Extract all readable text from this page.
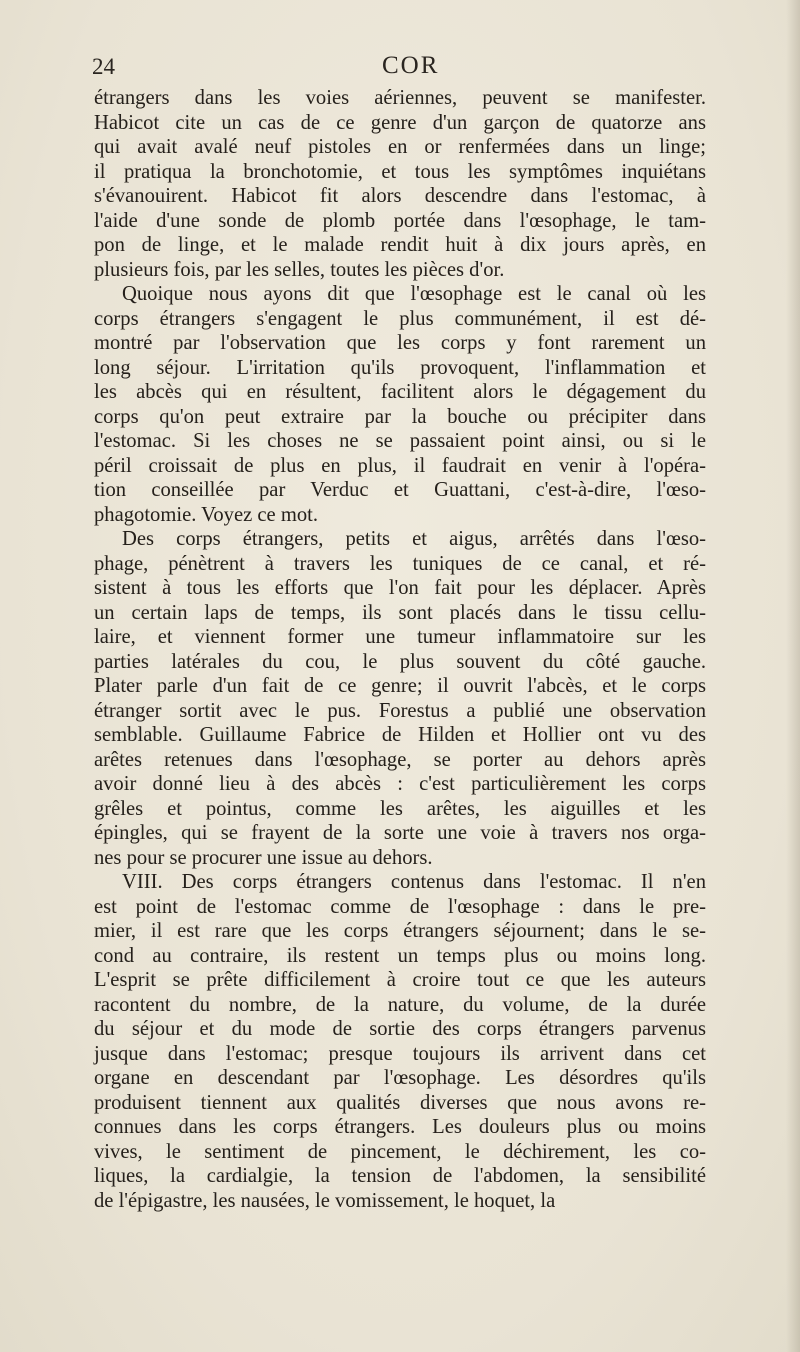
24	COR
étrangers dans les voies aériennes, peuvent se manifester.
Habicot cite un cas de ce genre d'un garçon de quatorze ans
qui avait avalé neuf pistoles en or renfermées dans un linge;
il pratiqua la bronchotomie, et tous les symptômes inquiétans
s'évanouirent. Habicot fit alors descendre dans l'estomac, à
l'aide d'une sonde de plomb portée dans l'œsophage, le tam-
pon de linge, et le malade rendit huit à dix jours après, en
plusieurs fois, par les selles, toutes les pièces d'or.
Quoique nous ayons dit que l'œsophage est le canal où les
corps étrangers s'engagent le plus communément, il est dé-
montré par l'observation que les corps y font rarement un
long séjour. L'irritation qu'ils provoquent, l'inflammation et
les abcès qui en résultent, facilitent alors le dégagement du
corps qu'on peut extraire par la bouche ou précipiter dans
l'estomac. Si les choses ne se passaient point ainsi, ou si le
péril croissait de plus en plus, il faudrait en venir à l'opéra-
tion conseillée par Verduc et Guattani, c'est-à-dire, l'œso-
phagotomie. Voyez ce mot.
Des corps étrangers, petits et aigus, arrêtés dans l'œso-
phage, pénètrent à travers les tuniques de ce canal, et ré-
sistent à tous les efforts que l'on fait pour les déplacer. Après
un certain laps de temps, ils sont placés dans le tissu cellu-
laire, et viennent former une tumeur inflammatoire sur les
parties latérales du cou, le plus souvent du côté gauche.
Plater parle d'un fait de ce genre; il ouvrit l'abcès, et le corps
étranger sortit avec le pus. Forestus a publié une observation
semblable. Guillaume Fabrice de Hilden et Hollier ont vu des
arêtes retenues dans l'œsophage, se porter au dehors après
avoir donné lieu à des abcès : c'est particulièrement les corps
grêles et pointus, comme les arêtes, les aiguilles et les
épingles, qui se frayent de la sorte une voie à travers nos orga-
nes pour se procurer une issue au dehors.
VIII. Des corps étrangers contenus dans l'estomac. Il n'en
est point de l'estomac comme de l'œsophage : dans le pre-
mier, il est rare que les corps étrangers séjournent; dans le se-
cond au contraire, ils restent un temps plus ou moins long.
L'esprit se prête difficilement à croire tout ce que les auteurs
racontent du nombre, de la nature, du volume, de la durée
du séjour et du mode de sortie des corps étrangers parvenus
jusque dans l'estomac; presque toujours ils arrivent dans cet
organe en descendant par l'œsophage. Les désordres qu'ils
produisent tiennent aux qualités diverses que nous avons re-
connues dans les corps étrangers. Les douleurs plus ou moins
vives, le sentiment de pincement, le déchirement, les co-
liques, la cardialgie, la tension de l'abdomen, la sensibilité
de l'épigastre, les nausées, le vomissement, le hoquet, la
